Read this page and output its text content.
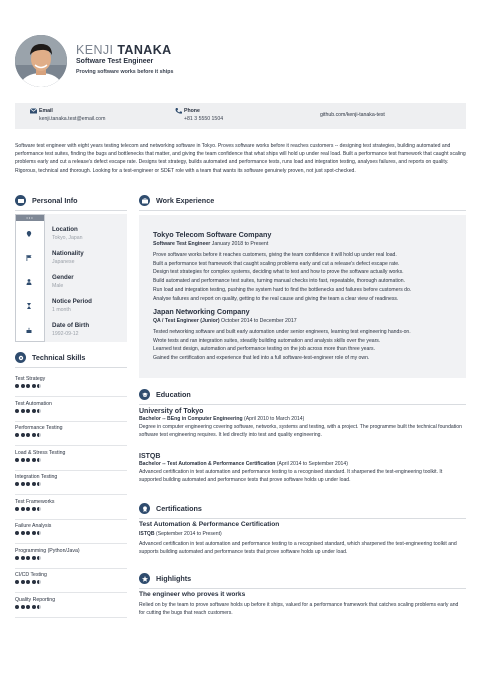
KENJI TANAKA
Software Test Engineer
Proving software works before it ships
Email
kenji.tanaka.test@email.com
Phone
+81 3 5550 1504
github.com/kenji-tanaka-test
Software test engineer with eight years testing telecom and networking software in Tokyo. Proves software works before it reaches customers -- designing test strategies, building automated and performance test suites, finding the bugs and bottlenecks that matter, and giving the team confidence that what ships will hold up under real load. Built a performance test framework that caught scaling problems early and cut a release's defect escape rate. Designs test strategy, builds automated and performance tests, runs load and integration testing, analyses failures, and reports on quality. Rigorous, technical and thorough. Looking for a test-engineer or SDET role with a team that wants its software genuinely proven, not just spot-checked.
Personal Info
•••
Location
Tokyo, Japan
Nationality
Japanese
Gender
Male
Notice Period
1 month
Date of Birth
1992-09-12
Technical Skills
Test Strategy
Test Automation
Performance Testing
Load & Stress Testing
Integration Testing
Test Frameworks
Failure Analysis
Programming (Python/Java)
CI/CD Testing
Quality Reporting
Work Experience
Tokyo Telecom Software Company
Software Test Engineer January 2018 to Present
Prove software works before it reaches customers, giving the team confidence it will hold up under real load.
Built a performance test framework that caught scaling problems early and cut a release's defect escape rate.
Design test strategies for complex systems, deciding what to test and how to prove the software actually works.
Build automated and performance test suites, turning manual checks into fast, repeatable, thorough automation.
Run load and integration testing, pushing the system hard to find the bottlenecks and failures before customers do.
Analyse failures and report on quality, getting to the real cause and giving the team a clear view of readiness.
Japan Networking Company
QA / Test Engineer (Junior) October 2014 to December 2017
Tested networking software and built early automation under senior engineers, learning test engineering hands-on.
Wrote tests and ran integration suites, steadily building automation and analysis skills over the years.
Learned test design, automation and performance testing on the job across more than three years.
Gained the certification and experience that led into a full software-test-engineer role of my own.
Education
University of Tokyo
Bachelor -- BEng in Computer Engineering (April 2010 to March 2014)
Degree in computer engineering covering software, networks, systems and testing, with a project. The programme built the technical foundation software test engineering requires. It led directly into test and quality engineering.
ISTQB
Bachelor -- Test Automation & Performance Certification (April 2014 to September 2014)
Advanced certification in test automation and performance testing to a recognised standard. It sharpened the test-engineering toolkit. It supported building automated and performance tests that prove software holds up under load.
Certifications
Test Automation & Performance Certification
ISTQB (September 2014 to Present)
Advanced certification in test automation and performance testing to a recognised standard, which sharpened the test-engineering toolkit and supports building automated and performance tests that prove software holds up under load.
Highlights
The engineer who proves it works
Relied on by the team to prove software holds up before it ships, valued for a performance framework that catches scaling problems early and for cutting the bugs that reach customers.
